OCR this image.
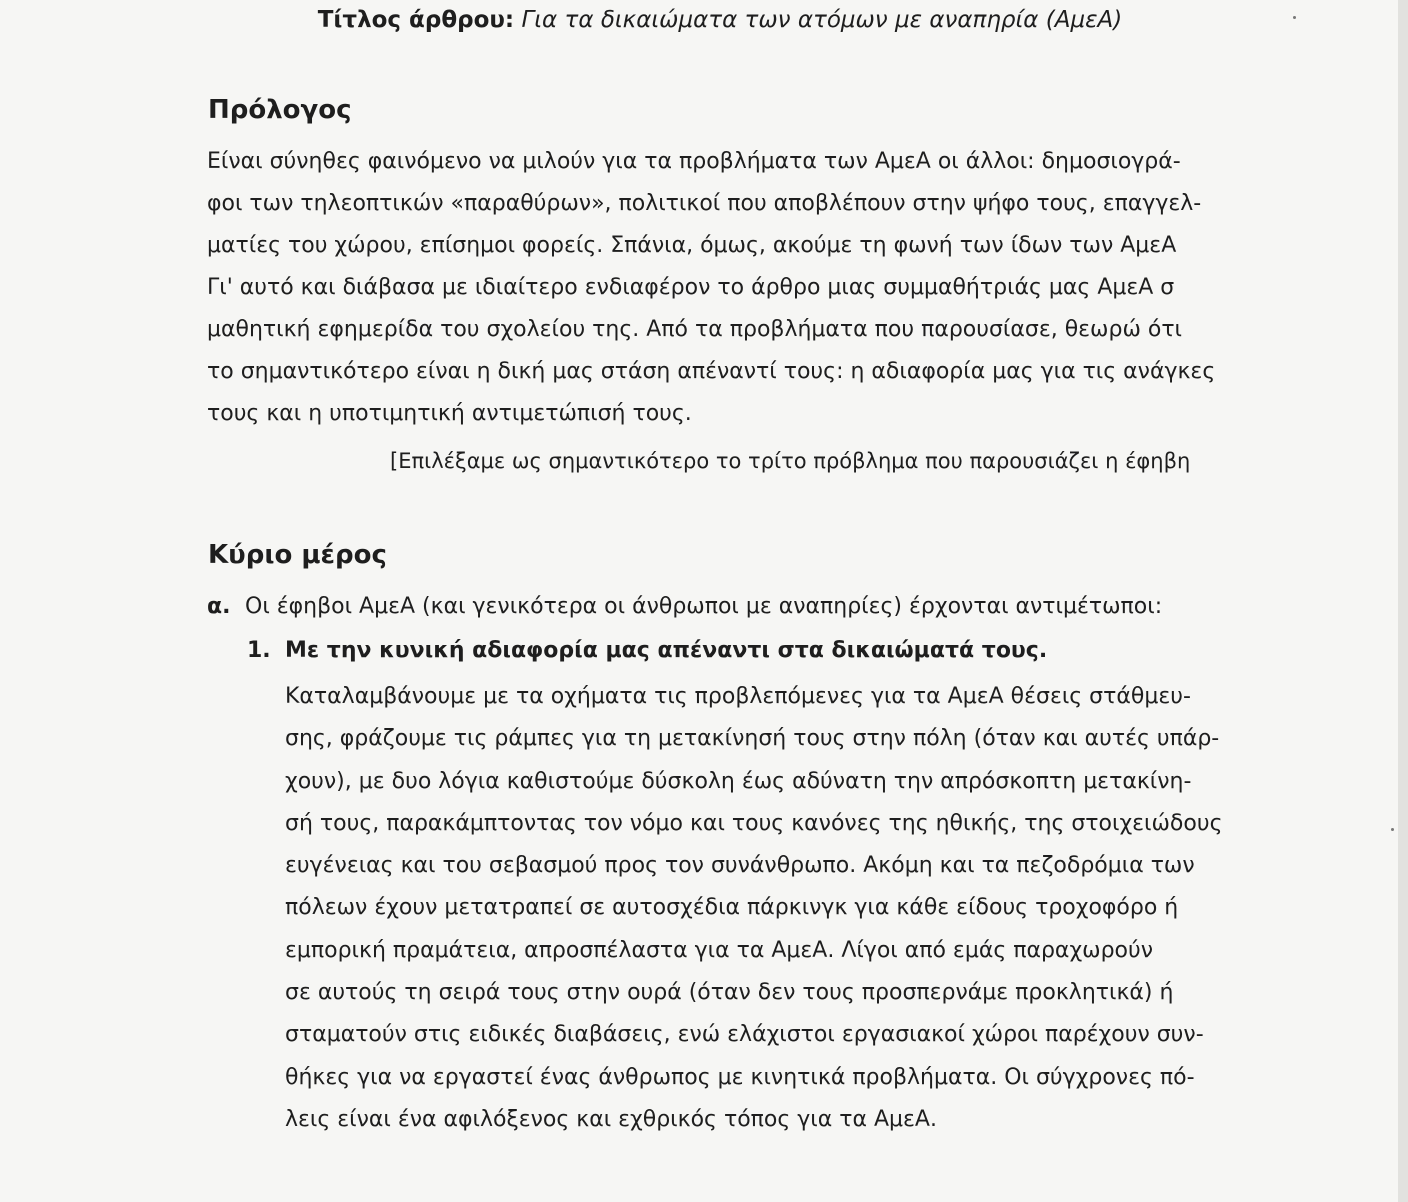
Τίτλος άρθρου: Για τα δικαιώματα των ατόμων με αναπηρία (ΑμεΑ)
Πρόλογος
Είναι σύνηθες φαινόμενο να μιλούν για τα προβλήματα των ΑμεΑ οι άλλοι: δημοσιογρά-
φοι των τηλεοπτικών «παραθύρων», πολιτικοί που αποβλέπουν στην ψήφο τους, επαγγελ-
ματίες του χώρου, επίσημοι φορείς. Σπάνια, όμως, ακούμε τη φωνή των ίδων των ΑμεΑ
Γι' αυτό και διάβασα με ιδιαίτερο ενδιαφέρον το άρθρο μιας συμμαθήτριάς μας ΑμεΑ σ
μαθητική εφημερίδα του σχολείου της. Από τα προβλήματα που παρουσίασε, θεωρώ ότι
το σημαντικότερο είναι η δική μας στάση απέναντί τους: η αδιαφορία μας για τις ανάγκες
τους και η υποτιμητική αντιμετώπισή τους.
[Επιλέξαμε ως σημαντικότερο το τρίτο πρόβλημα που παρουσιάζει η έφηβη
Κύριο μέρος
α. Οι έφηβοι ΑμεΑ (και γενικότερα οι άνθρωποι με αναπηρίες) έρχονται αντιμέτωποι:
1. Με την κυνική αδιαφορία μας απέναντι στα δικαιώματά τους.
Καταλαμβάνουμε με τα οχήματα τις προβλεπόμενες για τα ΑμεΑ θέσεις στάθμευ-
σης, φράζουμε τις ράμπες για τη μετακίνησή τους στην πόλη (όταν και αυτές υπάρ-
χουν), με δυο λόγια καθιστούμε δύσκολη έως αδύνατη την απρόσκοπτη μετακίνη-
σή τους, παρακάμπτοντας τον νόμο και τους κανόνες της ηθικής, της στοιχειώδους
ευγένειας και του σεβασμού προς τον συνάνθρωπο. Ακόμη και τα πεζοδρόμια των
πόλεων έχουν μετατραπεί σε αυτοσχέδια πάρκινγκ για κάθε είδους τροχοφόρο ή
εμπορική πραμάτεια, απροσπέλαστα για τα ΑμεΑ. Λίγοι από εμάς παραχωρούν
σε αυτούς τη σειρά τους στην ουρά (όταν δεν τους προσπερνάμε προκλητικά) ή
σταματούν στις ειδικές διαβάσεις, ενώ ελάχιστοι εργασιακοί χώροι παρέχουν συν-
θήκες για να εργαστεί ένας άνθρωπος με κινητικά προβλήματα. Οι σύγχρονες πό-
λεις είναι ένα αφιλόξενος και εχθρικός τόπος για τα ΑμεΑ.
